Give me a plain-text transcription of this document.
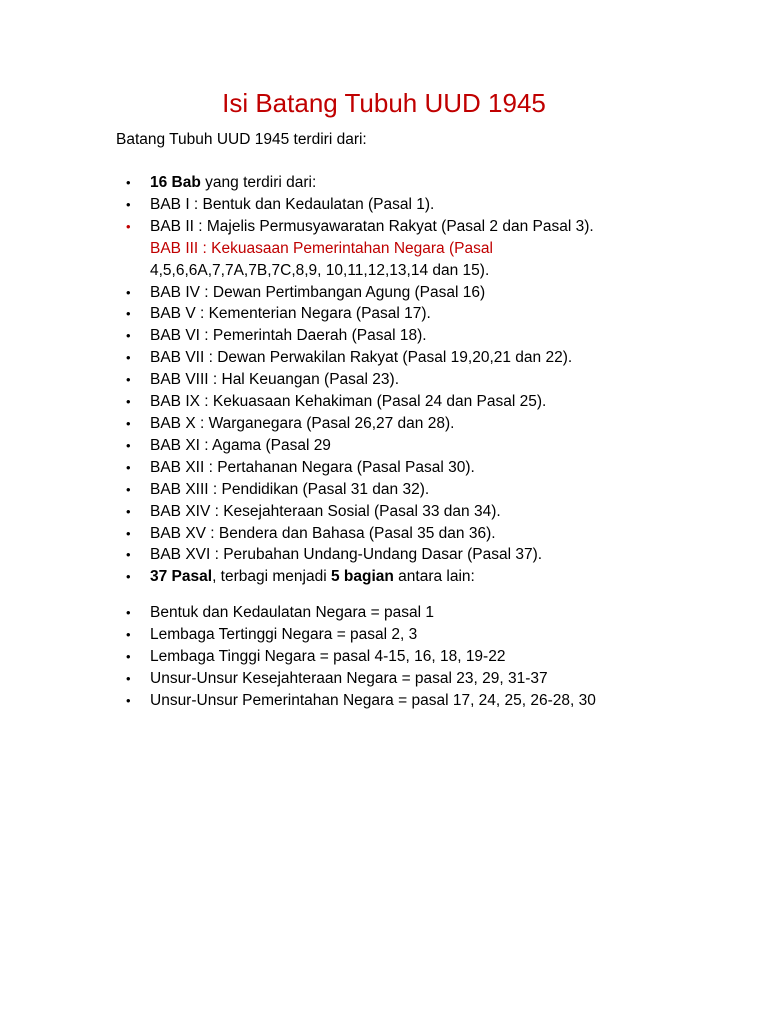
Isi Batang Tubuh UUD 1945

Batang Tubuh UUD 1945 terdiri dari:

• 16 Bab yang terdiri dari:
• BAB I : Bentuk dan Kedaulatan (Pasal 1).
• BAB II : Majelis Permusyawaratan Rakyat (Pasal 2 dan Pasal 3).
BAB III : Kekuasaan Pemerintahan Negara (Pasal
4,5,6,6A,7,7A,7B,7C,8,9, 10,11,12,13,14 dan 15).
• BAB IV : Dewan Pertimbangan Agung (Pasal 16)
• BAB V : Kementerian Negara (Pasal 17).
• BAB VI : Pemerintah Daerah (Pasal 18).
• BAB VII : Dewan Perwakilan Rakyat (Pasal 19,20,21 dan 22).
• BAB VIII : Hal Keuangan (Pasal 23).
• BAB IX : Kekuasaan Kehakiman (Pasal 24 dan Pasal 25).
• BAB X : Warganegara (Pasal 26,27 dan 28).
• BAB XI : Agama (Pasal 29
• BAB XII : Pertahanan Negara (Pasal Pasal 30).
• BAB XIII : Pendidikan (Pasal 31 dan 32).
• BAB XIV : Kesejahteraan Sosial (Pasal 33 dan 34).
• BAB XV : Bendera dan Bahasa (Pasal 35 dan 36).
• BAB XVI : Perubahan Undang-Undang Dasar (Pasal 37).
• 37 Pasal, terbagi menjadi 5 bagian antara lain:
• Bentuk dan Kedaulatan Negara = pasal 1
• Lembaga Tertinggi Negara = pasal 2, 3
• Lembaga Tinggi Negara = pasal 4-15, 16, 18, 19-22
• Unsur-Unsur Kesejahteraan Negara = pasal 23, 29, 31-37
• Unsur-Unsur Pemerintahan Negara = pasal 17, 24, 25, 26-28, 30
